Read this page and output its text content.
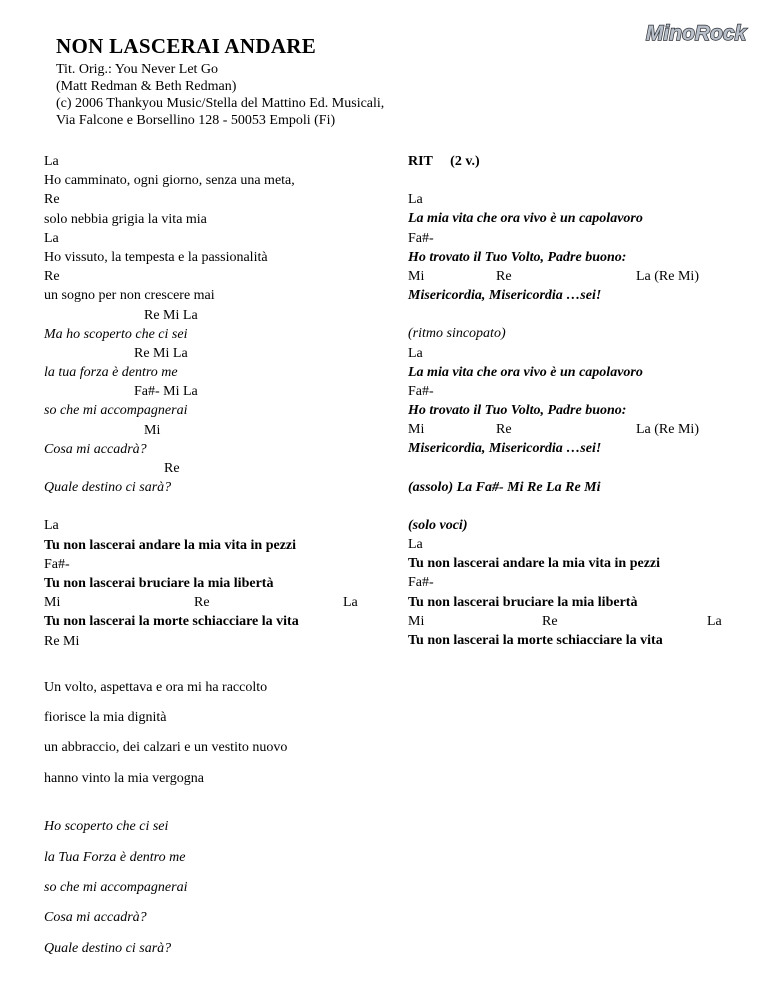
NON LASCERAI ANDARE
Tit. Orig.: You Never Let Go
(Matt Redman & Beth Redman)
(c) 2006 Thankyou Music/Stella del Mattino Ed. Musicali,
Via Falcone e Borsellino 128 - 50053 Empoli (Fi)
MinoRock
La
Ho camminato, ogni giorno, senza una meta,
Re
solo nebbia grigia la vita mia
La
Ho vissuto, la tempesta e la passionalità
Re
un sogno per non crescere mai
Re Mi La
Ma ho scoperto che ci sei
Re Mi La
la tua forza è dentro me
Fa#- Mi La
so che mi accompagnerai
Mi
Cosa mi accadrà?
Re
Quale destino ci sarà?
La
Tu non lascerai andare la mia vita in pezzi
Fa#-
Tu non lascerai bruciare la mia libertà
Mi	Re	La
Tu non lascerai la morte schiacciare la vita
Re Mi
Un volto, aspettava e ora mi ha raccolto
fiorisce la mia dignità
un abbraccio, dei calzari e un vestito nuovo
hanno vinto la mia vergogna
Ho scoperto che ci sei
la Tua Forza è dentro me
so che mi accompagnerai
Cosa mi accadrà?
Quale destino ci sarà?
RIT (2 v.)
La
La mia vita che ora vivo è un capolavoro
Fa#-
Ho trovato il Tuo Volto, Padre buono:
Mi	Re	La (Re Mi)
Misericordia, Misericordia …sei!
(ritmo sincopato)
La
La mia vita che ora vivo è un capolavoro
Fa#-
Ho trovato il Tuo Volto, Padre buono:
Mi	Re	La (Re Mi)
Misericordia, Misericordia …sei!
(assolo) La Fa#- Mi Re La Re Mi
(solo voci)
La
Tu non lascerai andare la mia vita in pezzi
Fa#-
Tu non lascerai bruciare la mia libertà
Mi	Re	La
Tu non lascerai la morte schiacciare la vita
